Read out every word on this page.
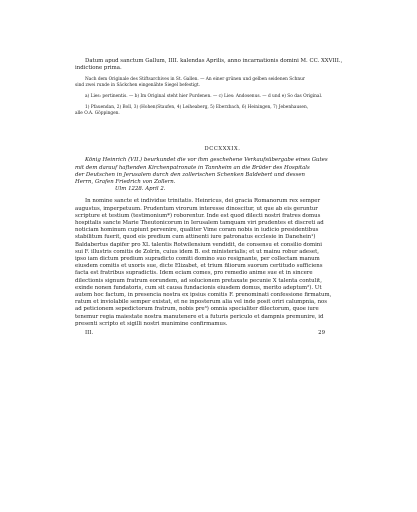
Datum apud sanctum Gallum, IIII. kalendas Aprilis, anno incarnationis domini M. CC. XXVIII.,

indictione prima.

Nach dem Originale des Stiftsarchives in St. Gallen. — An einer grünen und gelben seidenen Schnur

sind zwei runde in Säckchen eingenähte Siegel befestigt.

a) Lies: pertinentis. — b) Im Original steht hier Purdenen. — c) Lies: Andosenus. — d und e) So das Original.

1) Pfauendan, 2) Boll, 3) (Hohen)Staufen, 4) Leiheaberg, 5) Eberzbach, 6) Heiningen, 7) Jebenhausen,

alle O.A. Göppingen.

DCCXXXIX.

König Heinrich (VII.) beurkundet die vor ihm geschehene Verkaufsübergabe eines Gutes

mit dem darauf haftenden Kirchenpatronate in Tannheim an die Brüder des Hospitals

der Deutschen in Jerusalem durch den zollerischen Schenken Baldebert und dessen

Herrn, Grafen Friedrich von Zollern.

Ulm 1228. April 2.

In nomine sancte et individue trinitatis. Heinricus, dei gracia Romanorum rex semper

augustus, imperpetuum. Prudentum virorum interesse dinoscitur, ut que ab eis geruntur

scripture et testium (testimonium*) roborentur. Inde est quod dilecti nostri fratres domus

hospitalis sancte Marie Theutonicorum in Ierusalem tamquam viri prudentes et discreti ad

noticiam hominum cupiunt pervenire, qualiter Vime coram nobis in iudicio presidentibus

stabilitum fuerit, quod eis predium cum attinenti iure patronatus ecclesie in Danehein¹)

Baldabertus dapifer pro XL talentis Rotwilensium vendidit, de consensu et consilio domini

sui F. illustris comitis de Zolrin, cuius idem B. est ministerialis; et ut mainu robur adeset,

ipso iam dictum predium supradicto comiti domino suo resignante, per collectam manum

eiusdem comitis et uxoris sue, dicte Elizabet, et trium filiorum suorum certitudo sufficiens

facta est fratribus supradictis. Idem eciam comes, pro remedio anime sue et in sincere

dilectionis signum fratrum eorundem, ad solucionem pretaxate pecunie X talenta contulit,

exinde nonen fundatoris, cum sit causa fundacionis eiusdem domus, merito adeptum²). Ut

autem hoc factum, in presencia nostra ex ipsius comitis F. prenominati confessione firmatum,

ratum et inviolabile semper existat, et ne inposterum alia vel inde posit oriri calumpnia, nos

ad peticionem sepedictorum fratrum, nobis pre³) omnia specialiter dilectorum, quoe iure

tenemur regia maiestate nostra manutenere et a futuris periculo et dampnis premunire, id

presenti scripto et sigilli nostri munimine confirmamus.

III.	29
